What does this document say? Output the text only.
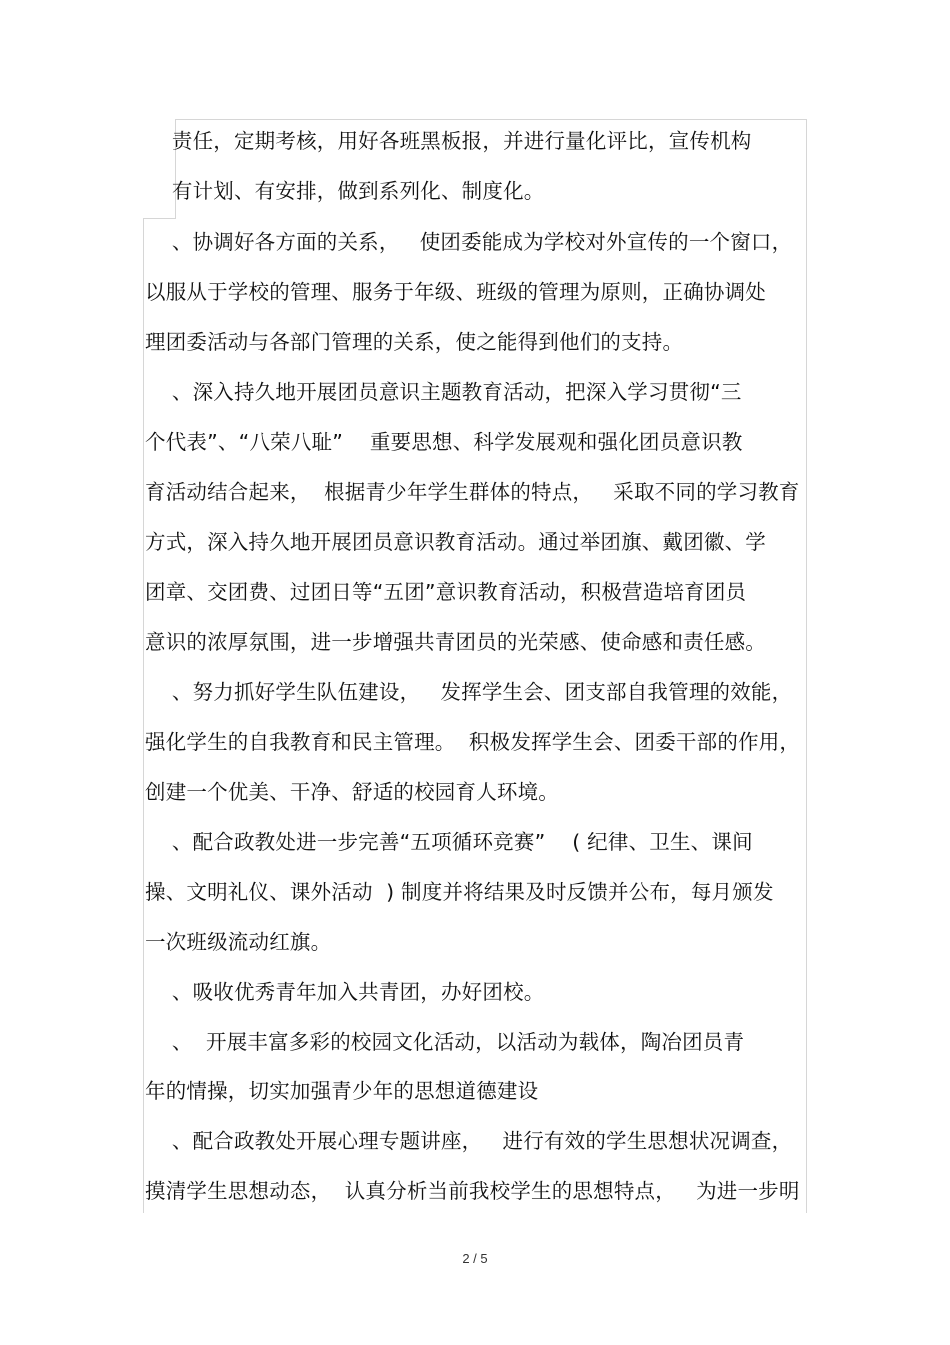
责任，定期考核，用好各班黑板报，并进行量化评比，宣传机构
有计划、有安排，做到系列化、制度化。
、协调好各方面的关系，   使团委能成为学校对外宣传的一个窗口，
以服从于学校的管理、服务于年级、班级的管理为原则，正确协调处
理团委活动与各部门管理的关系，使之能得到他们的支持。
、深入持久地开展团员意识主题教育活动，把深入学习贯彻“三
个代表”、“八荣八耻”    重要思想、科学发展观和强化团员意识教
育活动结合起来，  根据青少年学生群体的特点，   采取不同的学习教育
方式，深入持久地开展团员意识教育活动。通过举团旗、戴团徽、学
团章、交团费、过团日等“五团”意识教育活动，积极营造培育团员
意识的浓厚氛围，进一步增强共青团员的光荣感、使命感和责任感。
、努力抓好学生队伍建设，   发挥学生会、团支部自我管理的效能，
强化学生的自我教育和民主管理。  积极发挥学生会、团委干部的作用，
创建一个优美、干净、舒适的校园育人环境。
、配合政教处进一步完善“五项循环竞赛”    ( 纪律、卫生、课间
操、文明礼仪、课外活动  ) 制度并将结果及时反馈并公布，每月颁发
一次班级流动红旗。
、吸收优秀青年加入共青团，办好团校。
、  开展丰富多彩的校园文化活动，以活动为载体，陶冶团员青
年的情操，切实加强青少年的思想道德建设
、配合政教处开展心理专题讲座，   进行有效的学生思想状况调查，
摸清学生思想动态，  认真分析当前我校学生的思想特点，   为进一步明
2 / 5
